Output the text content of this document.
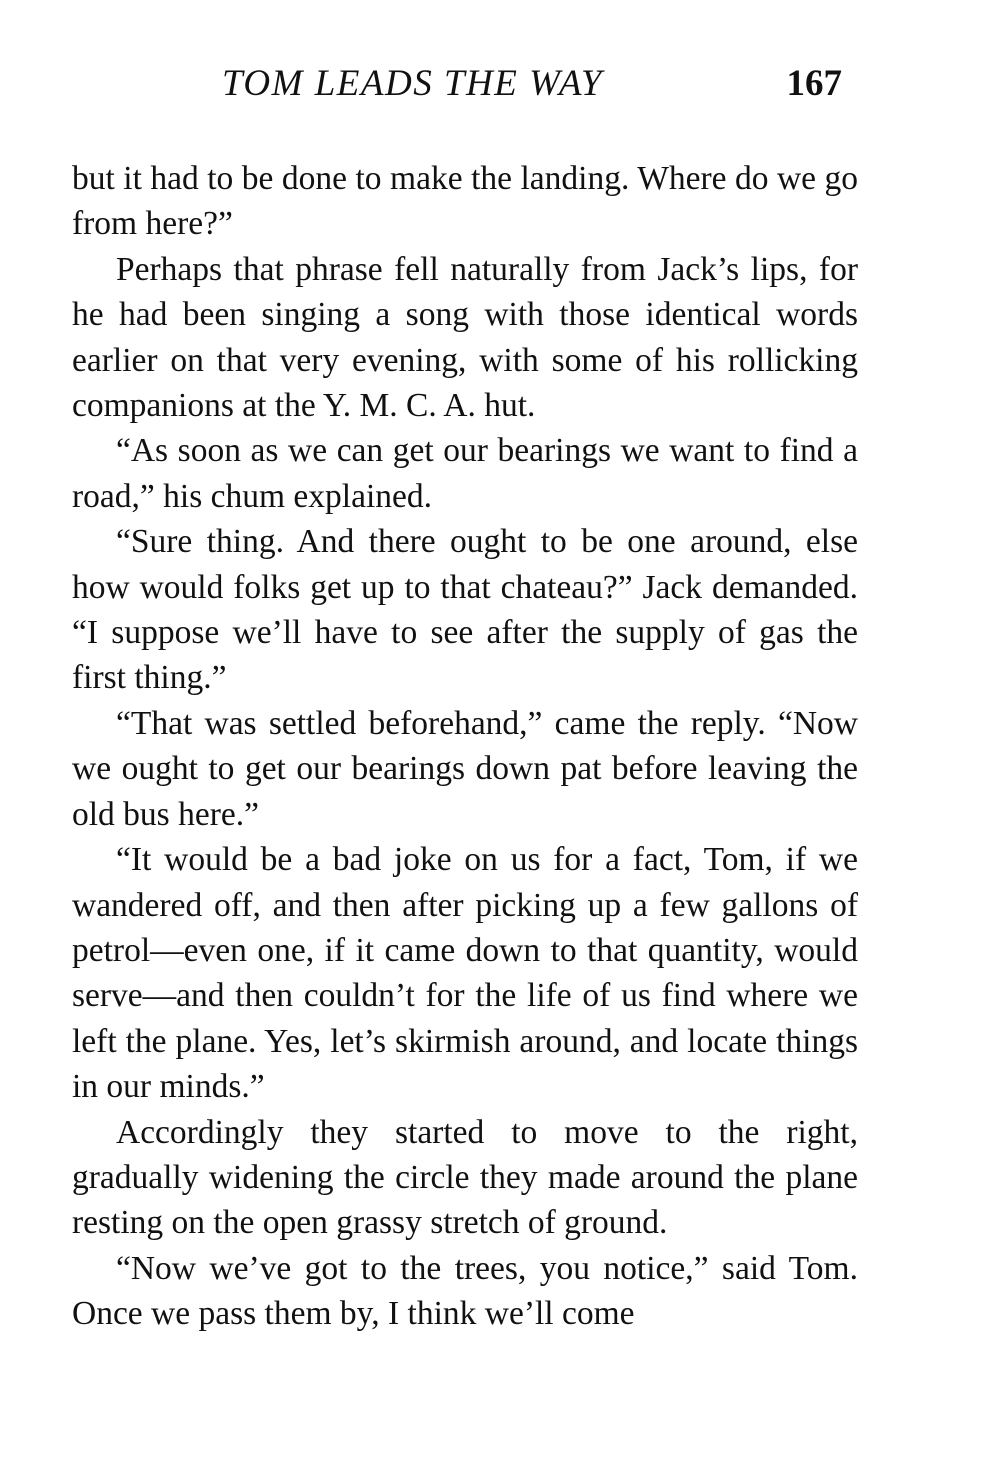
TOM LEADS THE WAY	167

but it had to be done to make the landing. Where do we go from here?”

Perhaps that phrase fell naturally from Jack’s lips, for he had been singing a song with those identical words earlier on that very evening, with some of his rollicking companions at the Y. M. C. A. hut.

“As soon as we can get our bearings we want to find a road,” his chum explained.

“Sure thing. And there ought to be one around, else how would folks get up to that chateau?” Jack demanded. “I suppose we’ll have to see after the supply of gas the first thing.”

“That was settled beforehand,” came the reply. “Now we ought to get our bearings down pat before leaving the old bus here.”

“It would be a bad joke on us for a fact, Tom, if we wandered off, and then after picking up a few gallons of petrol—even one, if it came down to that quantity, would serve—and then couldn’t for the life of us find where we left the plane. Yes, let’s skirmish around, and locate things in our minds.”

Accordingly they started to move to the right, gradually widening the circle they made around the plane resting on the open grassy stretch of ground.

“Now we’ve got to the trees, you notice,” said Tom. Once we pass them by, I think we’ll come
